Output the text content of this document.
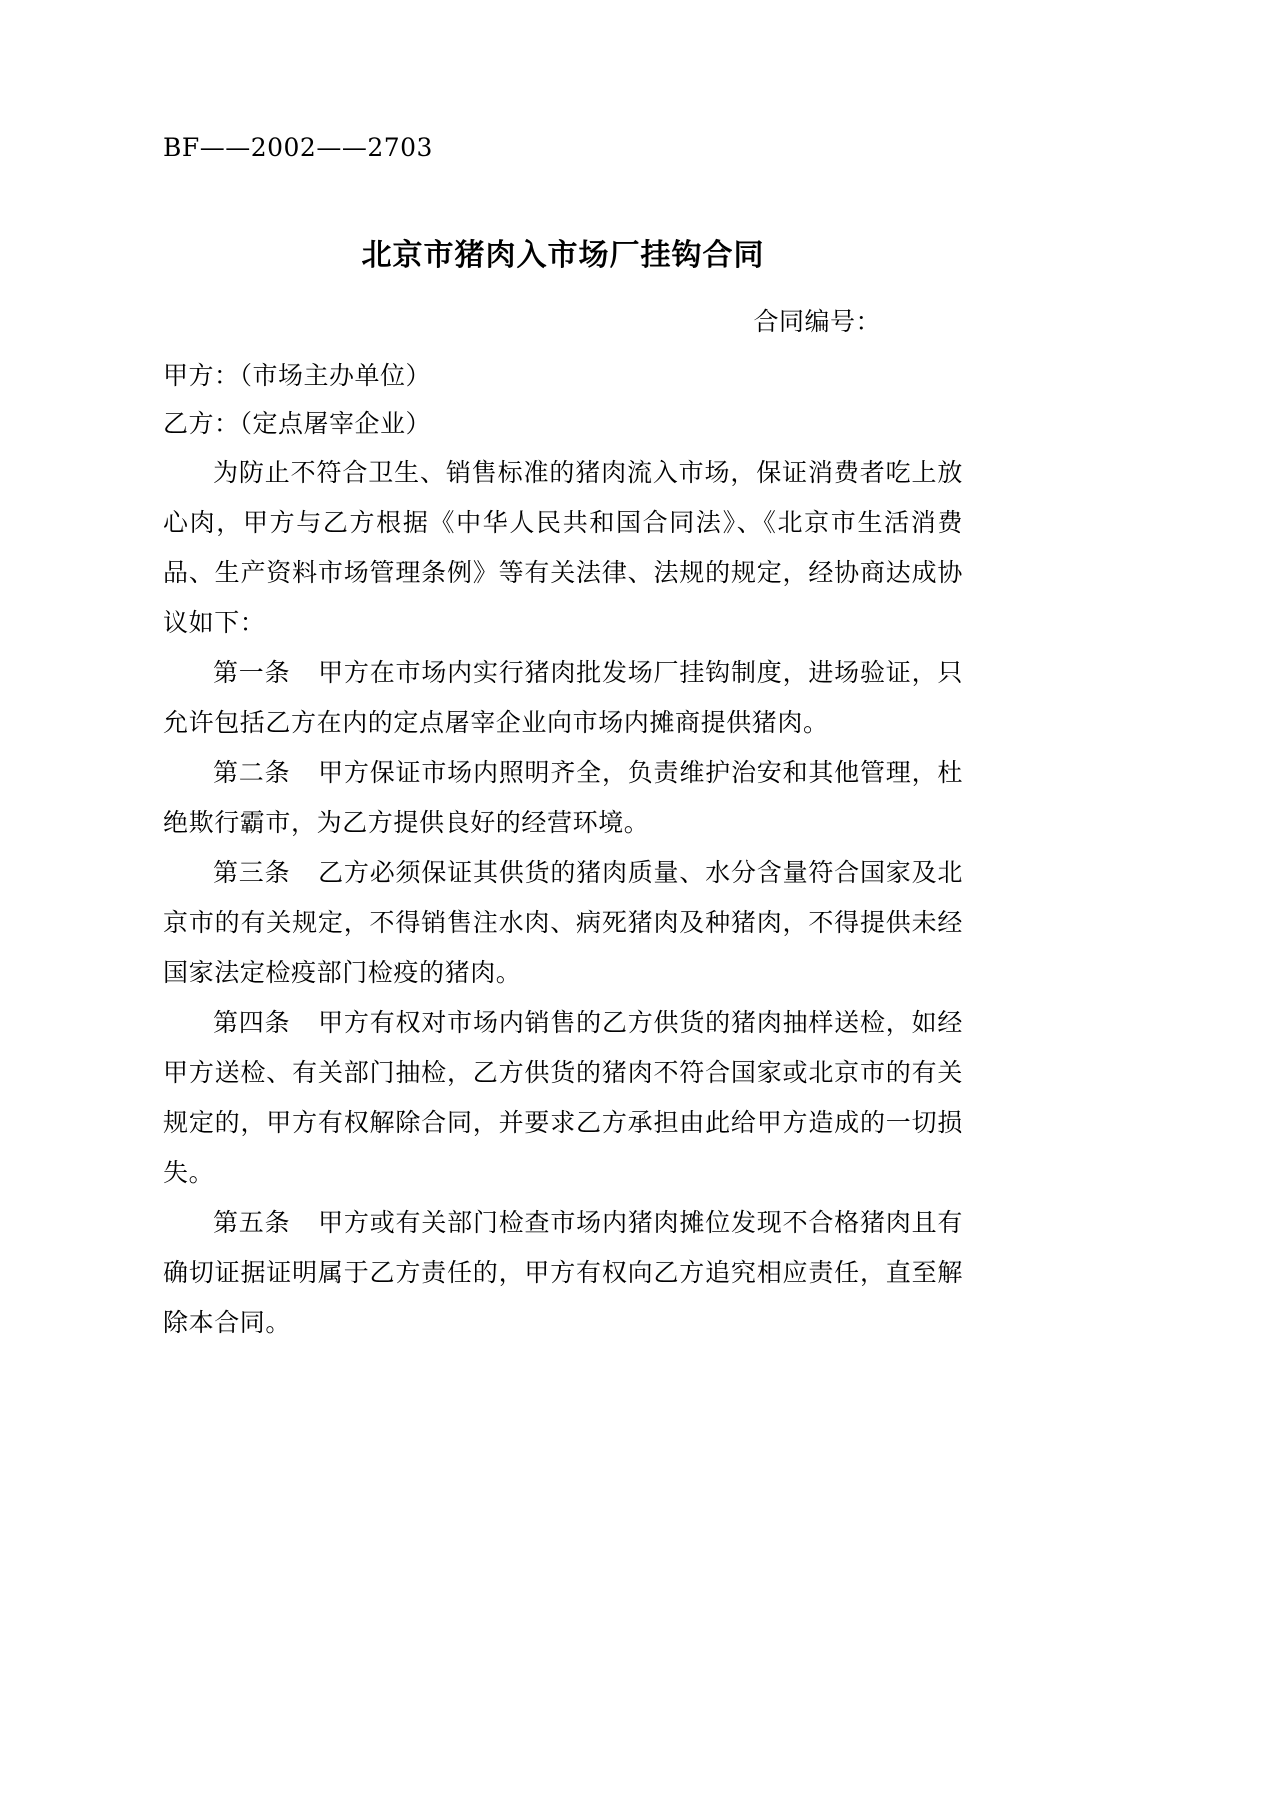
BF——2002——2703

北京市猪肉入市场厂挂钩合同

合同编号：

甲方：（市场主办单位）

乙方：（定点屠宰企业）

为防止不符合卫生、销售标准的猪肉流入市场，保证消费者吃上放心肉，甲方与乙方根据《中华人民共和国合同法》、《北京市生活消费品、生产资料市场管理条例》等有关法律、法规的规定，经协商达成协议如下：

第一条 甲方在市场内实行猪肉批发场厂挂钩制度，进场验证，只允许包括乙方在内的定点屠宰企业向市场内摊商提供猪肉。

第二条 甲方保证市场内照明齐全，负责维护治安和其他管理，杜绝欺行霸市，为乙方提供良好的经营环境。

第三条 乙方必须保证其供货的猪肉质量、水分含量符合国家及北京市的有关规定，不得销售注水肉、病死猪肉及种猪肉，不得提供未经国家法定检疫部门检疫的猪肉。

第四条 甲方有权对市场内销售的乙方供货的猪肉抽样送检，如经甲方送检、有关部门抽检，乙方供货的猪肉不符合国家或北京市的有关规定的，甲方有权解除合同，并要求乙方承担由此给甲方造成的一切损失。

第五条 甲方或有关部门检查市场内猪肉摊位发现不合格猪肉且有确切证据证明属于乙方责任的，甲方有权向乙方追究相应责任，直至解除本合同。
